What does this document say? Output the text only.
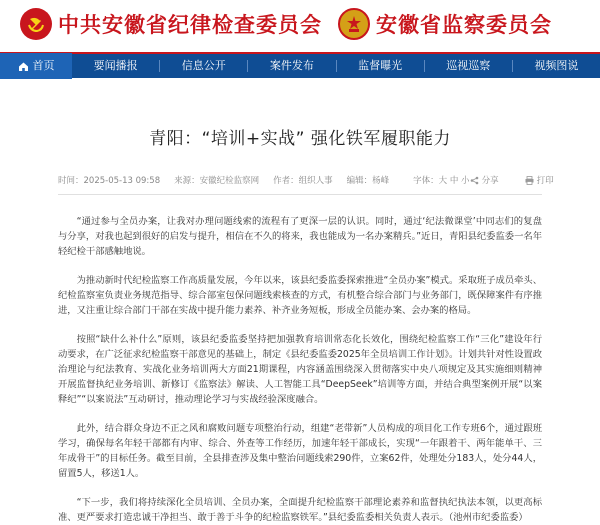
中共安徽省纪律检查委员会	安徽省监察委员会
首页	要闻播报	信息公开	案件发布	监督曝光	巡视巡察	视频图说
青阳：“培训+实战” 强化铁军履职能力
时间：2025-05-13 09:58 来源：安徽纪检监察网 作者：组织人事 编辑：杨峰	字体：大 中 小 分享	打印

“通过参与全员办案，让我对办理问题线索的流程有了更深一层的认识。同时，通过‘纪法微课堂’中同志们的复盘与分享，对我也起到很好的启发与提升，相信在不久的将来，我也能成为一名办案精兵。”近日，青阳县纪委监委一名年轻纪检干部感触地说。

为推动新时代纪检监察工作高质量发展，今年以来，该县纪委监委探索推进“全员办案”模式。采取班子成员牵头、纪检监察室负责业务规范指导、综合部室包保问题线索核查的方式，有机整合综合部门与业务部门，既保障案件有序推进，又注重让综合部门干部在实战中提升能力素养、补齐业务短板，形成全员能办案、会办案的格局。

按照“缺什么补什么”原则，该县纪委监委坚持把加强教育培训常态化长效化，围绕纪检监察工作“三化”建设年行动要求，在广泛征求纪检监察干部意见的基础上，制定《县纪委监委2025年全员培训工作计划》。计划共针对性设置政治理论与纪法教育、实战化业务培训两大方面21期课程，内容涵盖围绕深入贯彻落实中央八项规定及其实施细则精神开展监督执纪业务培训、新修订《监察法》解读、人工智能工具“DeepSeek”培训等方面，并结合典型案例开展“以案释纪”“以案说法”互动研讨，推动理论学习与实战经验深度融合。

此外，结合群众身边不正之风和腐败问题专项整治行动，组建“老带新”人员构成的项目化工作专班6个，通过跟班学习，确保每名年轻干部都有内审、综合、外查等工作经历，加速年轻干部成长，实现“一年跟着干、两年能单干、三年成骨干”的目标任务。截至目前，全县排查涉及集中整治问题线索290件，立案62件，处理处分183人，处分44人，留置5人，移送1人。

“下一步，我们将持续深化全员培训、全员办案，全面提升纪检监察干部理论素养和监督执纪执法本领，以更高标准、更严要求打造忠诚干净担当、敢于善于斗争的纪检监察铁军。”县纪委监委相关负责人表示。（池州市纪委监委）
